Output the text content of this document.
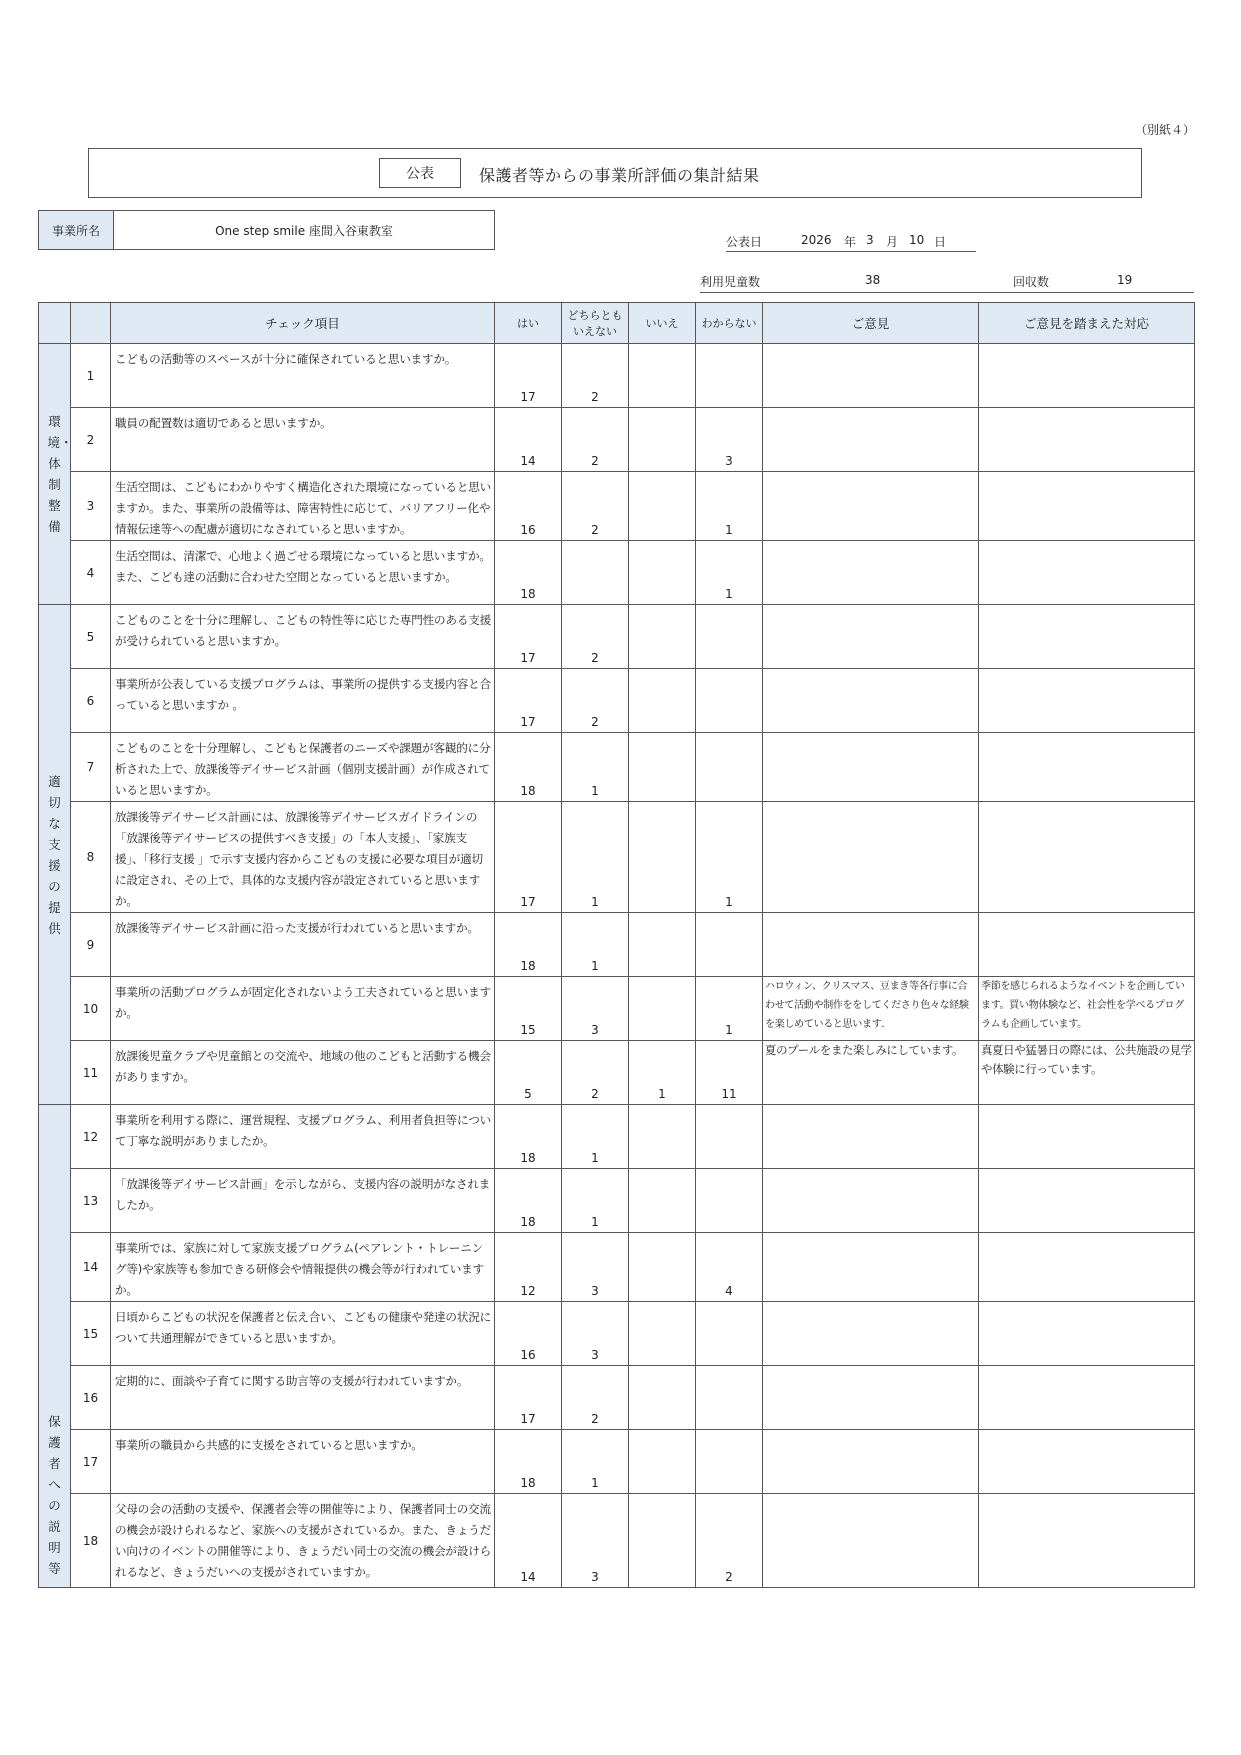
（別紙４）
公表	保護者等からの事業所評価の集計結果
事業所名	One step smile 座間入谷東教室
公表日	2026 年 3 月 10 日
利用児童数	38	回収数	19
		チェック項目	はい	どちらとも
いえない	いいえ	わからない	ご意見	ご意見を踏まえた対応
環境・体制整備	1	こどもの活動等のスペースが十分に確保されていると思いますか。	17	2				
	2	職員の配置数は適切であると思いますか。	14	2		3		
	3	生活空間は、こどもにわかりやすく構造化された環境になっていると思いますか。また、事業所の設備等は、障害特性に応じて、バリアフリー化や情報伝達等への配慮が適切になされていると思いますか。	16	2		1		
	4	生活空間は、清潔で、心地よく過ごせる環境になっていると思いますか。また、こども達の活動に合わせた空間となっていると思いますか。	18			1		
適切な支援の提供	5	こどものことを十分に理解し、こどもの特性等に応じた専門性のある支援が受けられていると思いますか。	17	2				
	6	事業所が公表している支援プログラムは、事業所の提供する支援内容と合っていると思いますか 。	17	2				
	7	こどものことを十分理解し、こどもと保護者のニーズや課題が客観的に分析された上で、放課後等デイサービス計画（個別支援計画）が作成されていると思いますか。	18	1				
	8	放課後等デイサービス計画には、放課後等デイサービスガイドラインの「放課後等デイサービスの提供すべき支援」の「本人支援」、「家族支援」、「移行支援 」で示す支援内容からこどもの支援に必要な項目が適切に設定され、その上で、具体的な支援内容が設定されていると思いますか。	17	1		1		
	9	放課後等デイサービス計画に沿った支援が行われていると思いますか。	18	1				
	10	事業所の活動プログラムが固定化されないよう工夫されていると思いますか。	15	3		1	ハロウィン、クリスマス、豆まき等各行事に合わせて活動や制作ををしてくださり色々な経験を楽しめていると思います.	季節を感じられるようなイベントを企画しています。買い物体験など、社会性を学べるプログラムも企画しています。
	11	放課後児童クラブや児童館との交流や、地域の他のこどもと活動する機会がありますか。	5	2	1	11	夏のプールをまた楽しみにしています。	真夏日や猛暑日の際には、公共施設の見学や体験に行っています。
保護者への説明等	12	事業所を利用する際に、運営規程、支援プログラム、利用者負担等について丁寧な説明がありましたか。	18	1				
	13	「放課後等デイサービス計画」を示しながら、支援内容の説明がなされましたか。	18	1				
	14	事業所では、家族に対して家族支援プログラム(ペアレント・トレーニング等)や家族等も参加できる研修会や情報提供の機会等が行われていますか。	12	3		4		
	15	日頃からこどもの状況を保護者と伝え合い、こどもの健康や発達の状況について共通理解ができていると思いますか。	16	3				
	16	定期的に、面談や子育てに関する助言等の支援が行われていますか。	17	2				
	17	事業所の職員から共感的に支援をされていると思いますか。	18	1				
	18	父母の会の活動の支援や、保護者会等の開催等により、保護者同士の交流の機会が設けられるなど、家族への支援がされているか。また、きょうだい向けのイベントの開催等により、きょうだい同士の交流の機会が設けられるなど、きょうだいへの支援がされていますか。	14	3		2		
